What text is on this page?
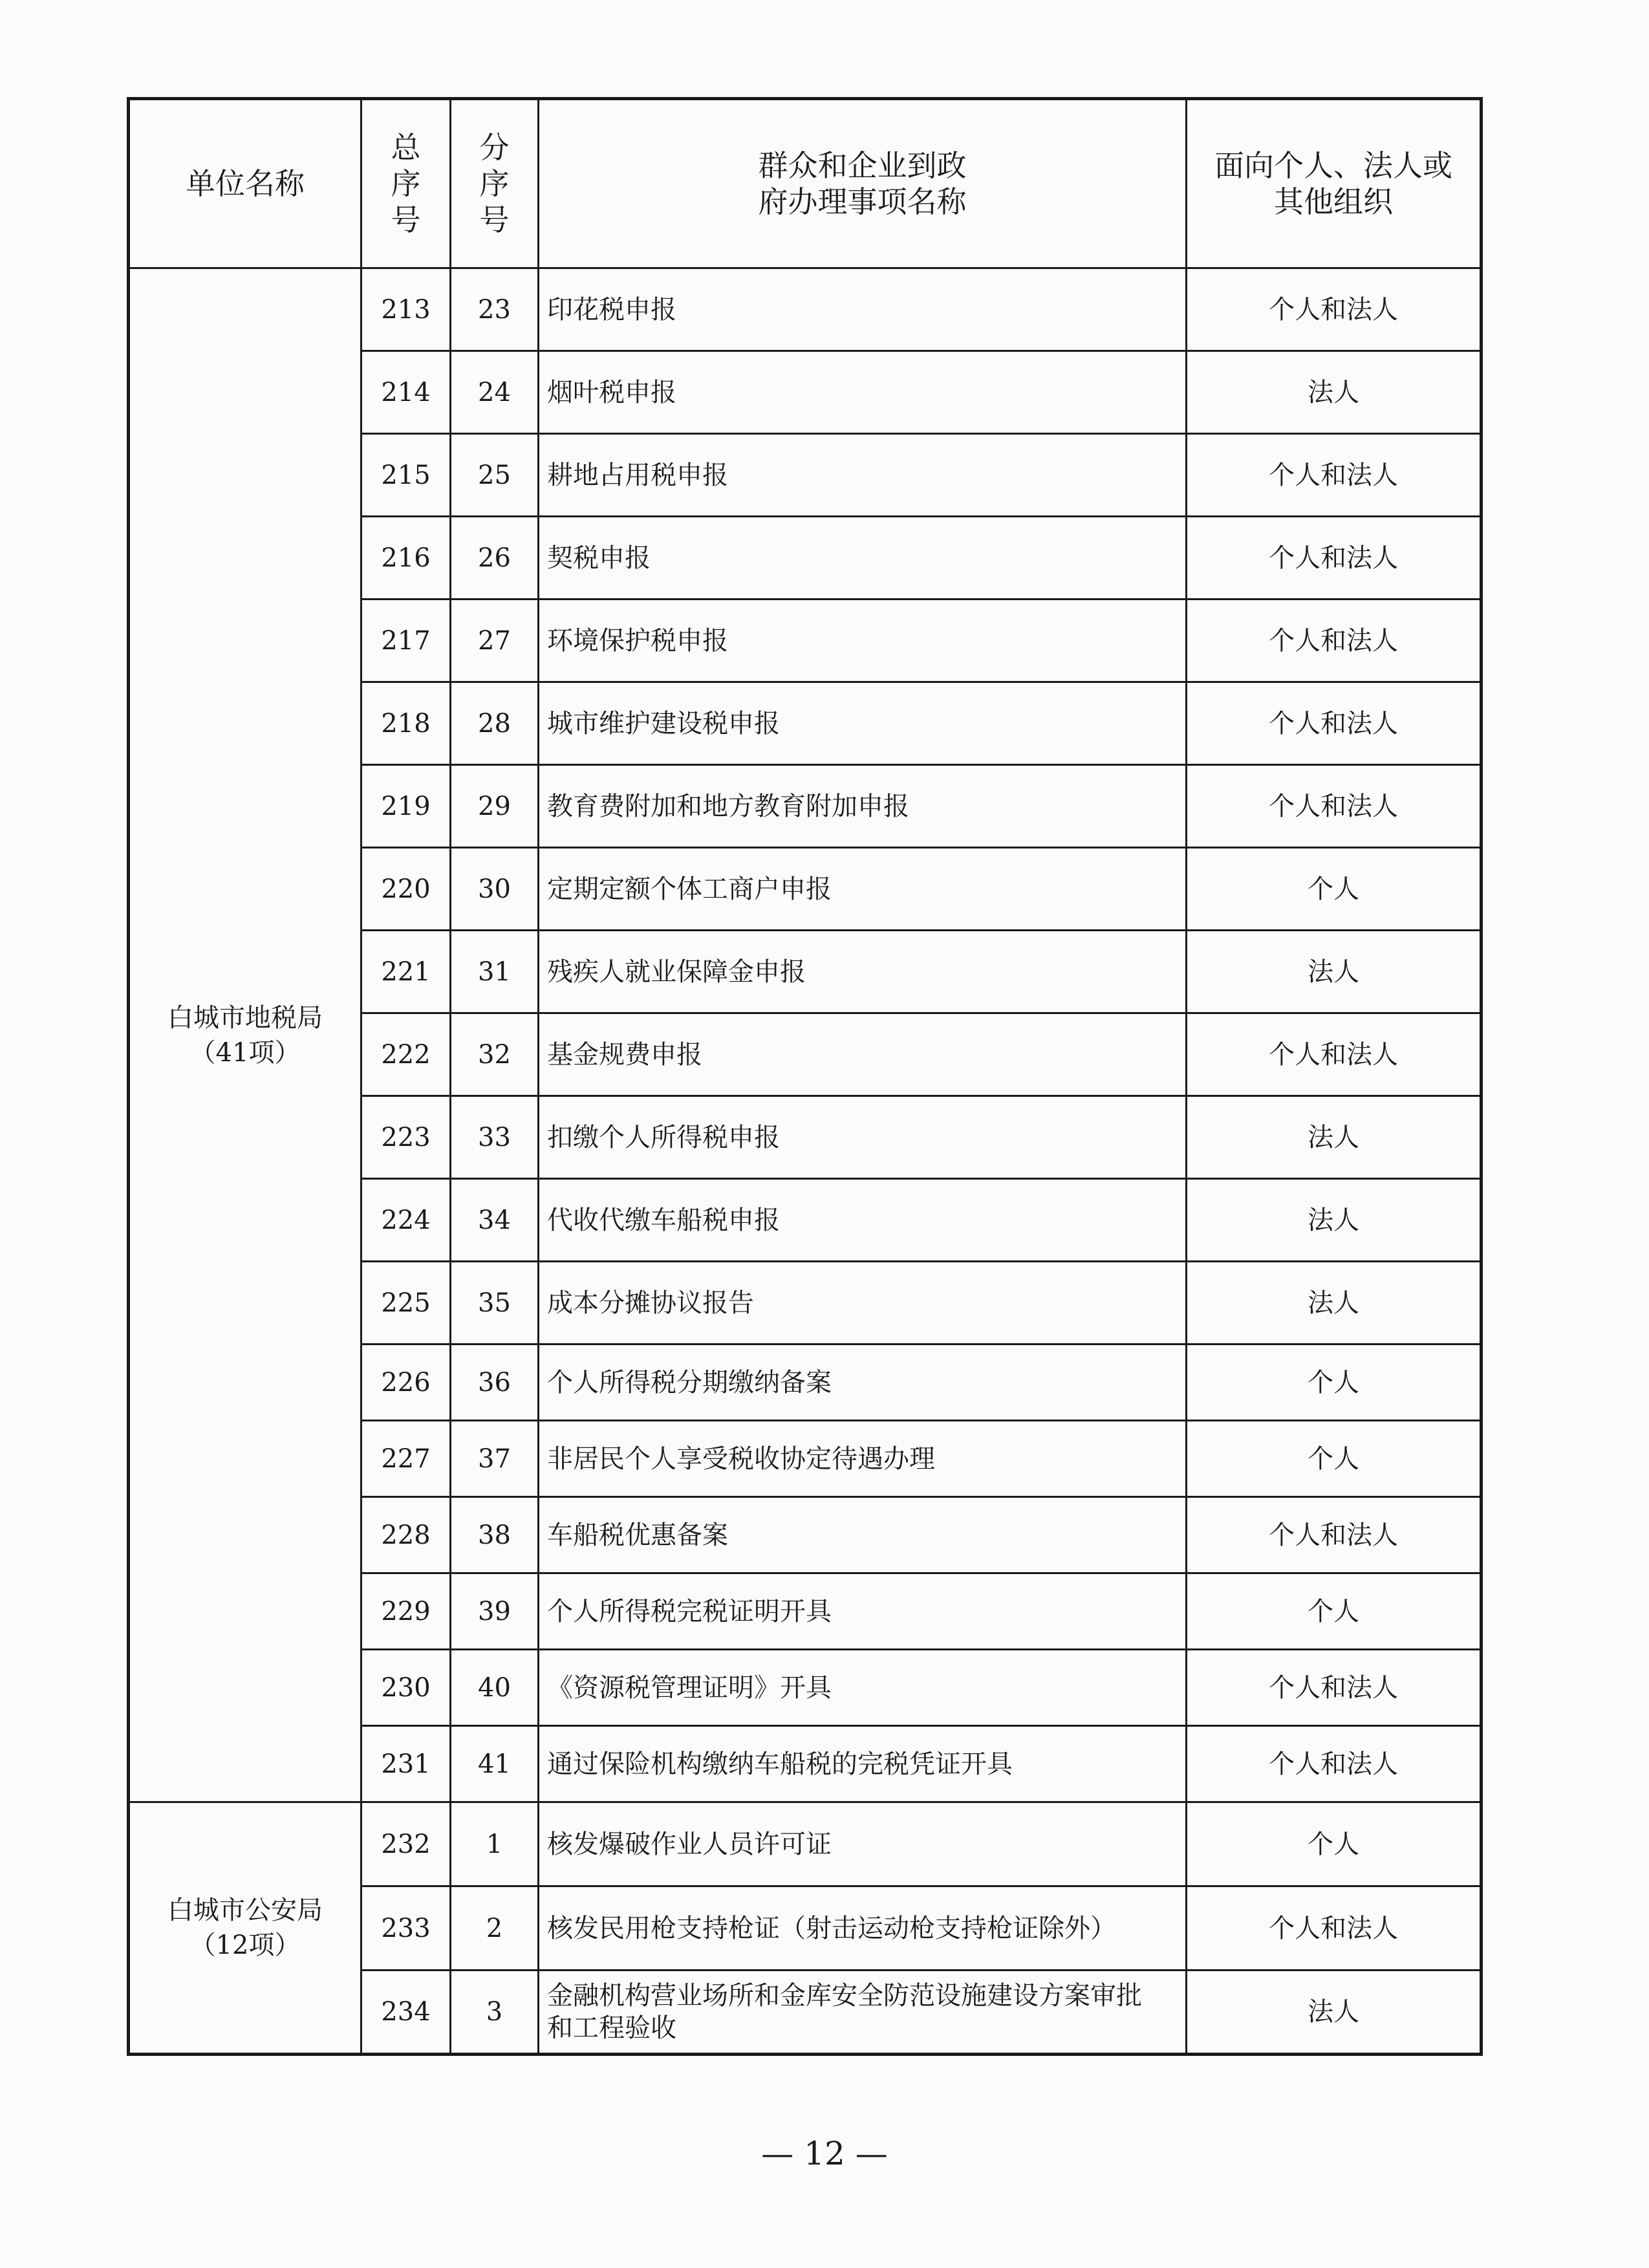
单位名称	总
序
号	分
序
号	群众和企业到政
府办理事项名称	面向个人、法人或
其他组织
白城市地税局
（41项）	213	23	印花税申报	个人和法人
	214	24	烟叶税申报	法人
	215	25	耕地占用税申报	个人和法人
	216	26	契税申报	个人和法人
	217	27	环境保护税申报	个人和法人
	218	28	城市维护建设税申报	个人和法人
	219	29	教育费附加和地方教育附加申报	个人和法人
	220	30	定期定额个体工商户申报	个人
	221	31	残疾人就业保障金申报	法人
	222	32	基金规费申报	个人和法人
	223	33	扣缴个人所得税申报	法人
	224	34	代收代缴车船税申报	法人
	225	35	成本分摊协议报告	法人
	226	36	个人所得税分期缴纳备案	个人
	227	37	非居民个人享受税收协定待遇办理	个人
	228	38	车船税优惠备案	个人和法人
	229	39	个人所得税完税证明开具	个人
	230	40	《资源税管理证明》开具	个人和法人
	231	41	通过保险机构缴纳车船税的完税凭证开具	个人和法人
白城市公安局
（12项）	232	1	核发爆破作业人员许可证	个人
	233	2	核发民用枪支持枪证（射击运动枪支持枪证除外）	个人和法人
	234	3	金融机构营业场所和金库安全防范设施建设方案审批
和工程验收	法人
— 12 —
